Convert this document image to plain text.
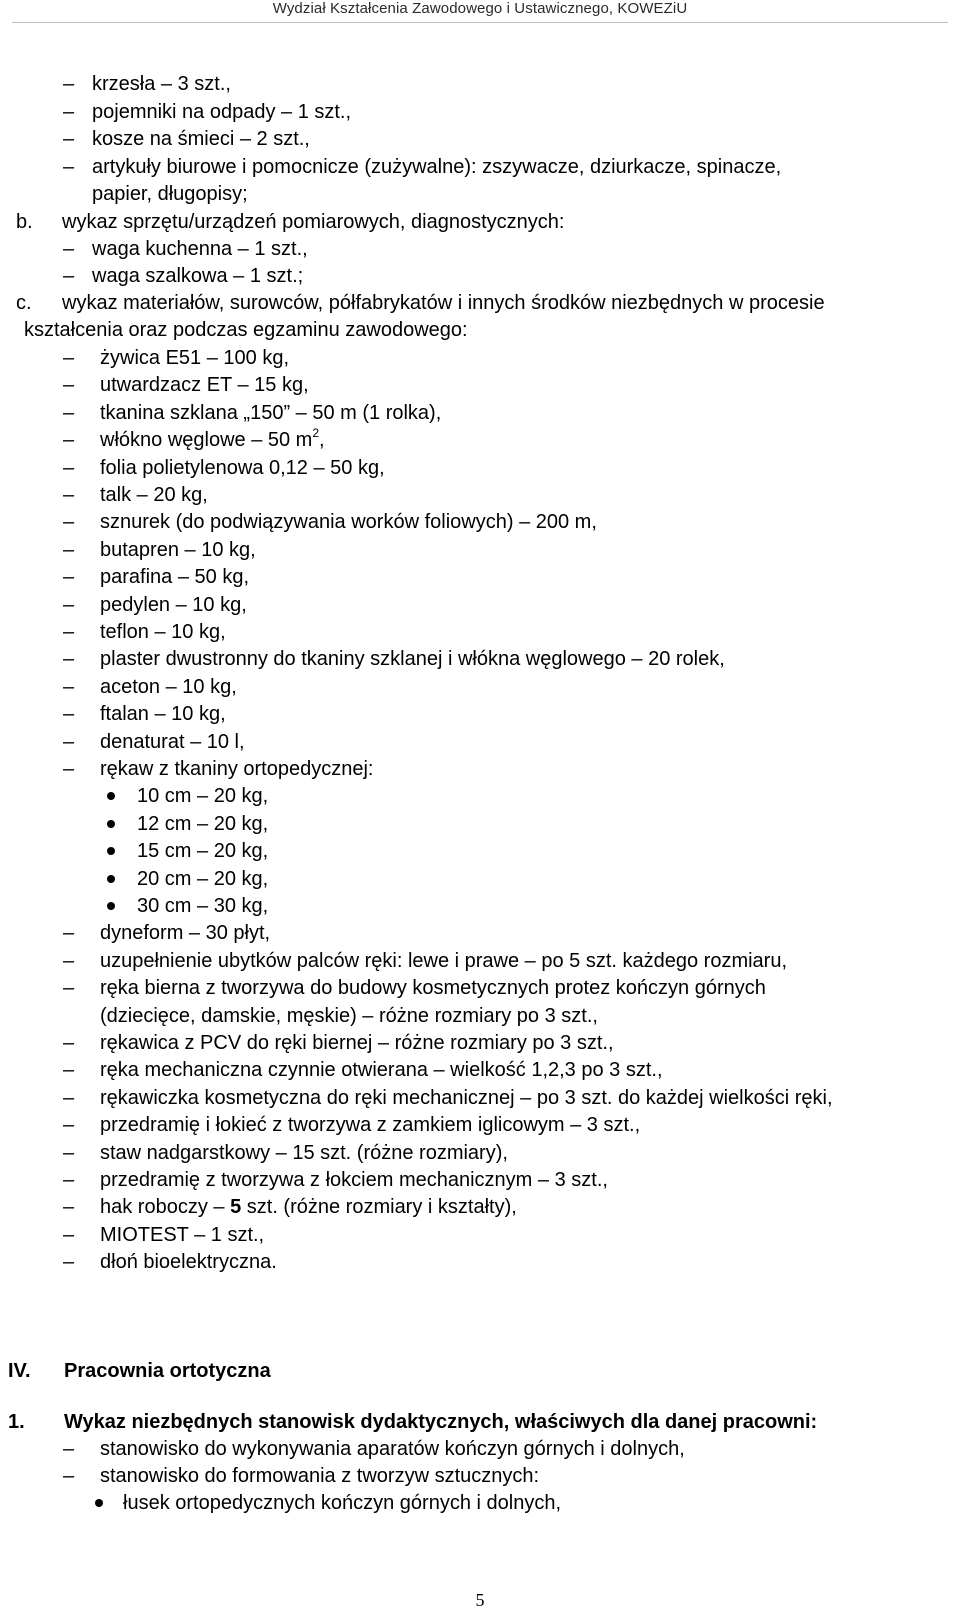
Wydział Kształcenia Zawodowego i Ustawicznego, KOWEZiU
– krzesła – 3 szt.,
– pojemniki na odpady – 1 szt.,
– kosze na śmieci – 2 szt.,
– artykuły biurowe i pomocnicze (zużywalne): zszywacze, dziurkacze, spinacze,
papier, długopisy;
b. wykaz sprzętu/urządzeń pomiarowych, diagnostycznych:
– waga kuchenna – 1 szt.,
– waga szalkowa – 1 szt.;
c. wykaz materiałów, surowców, półfabrykatów i innych środków niezbędnych w procesie
kształcenia oraz podczas egzaminu zawodowego:
– żywica E51 – 100 kg,
– utwardzacz ET – 15 kg,
– tkanina szklana „150” – 50 m (1 rolka),
– włókno węglowe – 50 $m^2$,
– folia polietylenowa 0,12 – 50 kg,
– talk – 20 kg,
– sznurek (do podwiązywania worków foliowych) – 200 m,
– butapren – 10 kg,
– parafina – 50 kg,
– pedylen – 10 kg,
– teflon – 10 kg,
– plaster dwustronny do tkaniny szklanej i włókna węglowego – 20 rolek,
– aceton – 10 kg,
– ftalan – 10 kg,
– denaturat – 10 l,
– rękaw z tkaniny ortopedycznej:
10 cm – 20 kg,
12 cm – 20 kg,
15 cm – 20 kg,
20 cm – 20 kg,
30 cm – 30 kg,
– dyneform – 30 płyt,
– uzupełnienie ubytków palców ręki: lewe i prawe – po 5 szt. każdego rozmiaru,
– ręka bierna z tworzywa do budowy kosmetycznych protez kończyn górnych
(dziecięce, damskie, męskie) – różne rozmiary po 3 szt.,
– rękawica z PCV do ręki biernej – różne rozmiary po 3 szt.,
– ręka mechaniczna czynnie otwierana – wielkość 1,2,3 po 3 szt.,
– rękawiczka kosmetyczna do ręki mechanicznej – po 3 szt. do każdej wielkości ręki,
– przedramię i łokieć z tworzywa z zamkiem iglicowym – 3 szt.,
– staw nadgarstkowy – 15 szt. (różne rozmiary),
– przedramię z tworzywa z łokciem mechanicznym – 3 szt.,
– hak roboczy – 5 szt. (różne rozmiary i kształty),
– MIOTEST – 1 szt.,
– dłoń bioelektryczna.
IV. Pracownia ortotyczna
1. Wykaz niezbędnych stanowisk dydaktycznych, właściwych dla danej pracowni:
– stanowisko do wykonywania aparatów kończyn górnych i dolnych,
– stanowisko do formowania z tworzyw sztucznych:
łusek ortopedycznych kończyn górnych i dolnych,
5
